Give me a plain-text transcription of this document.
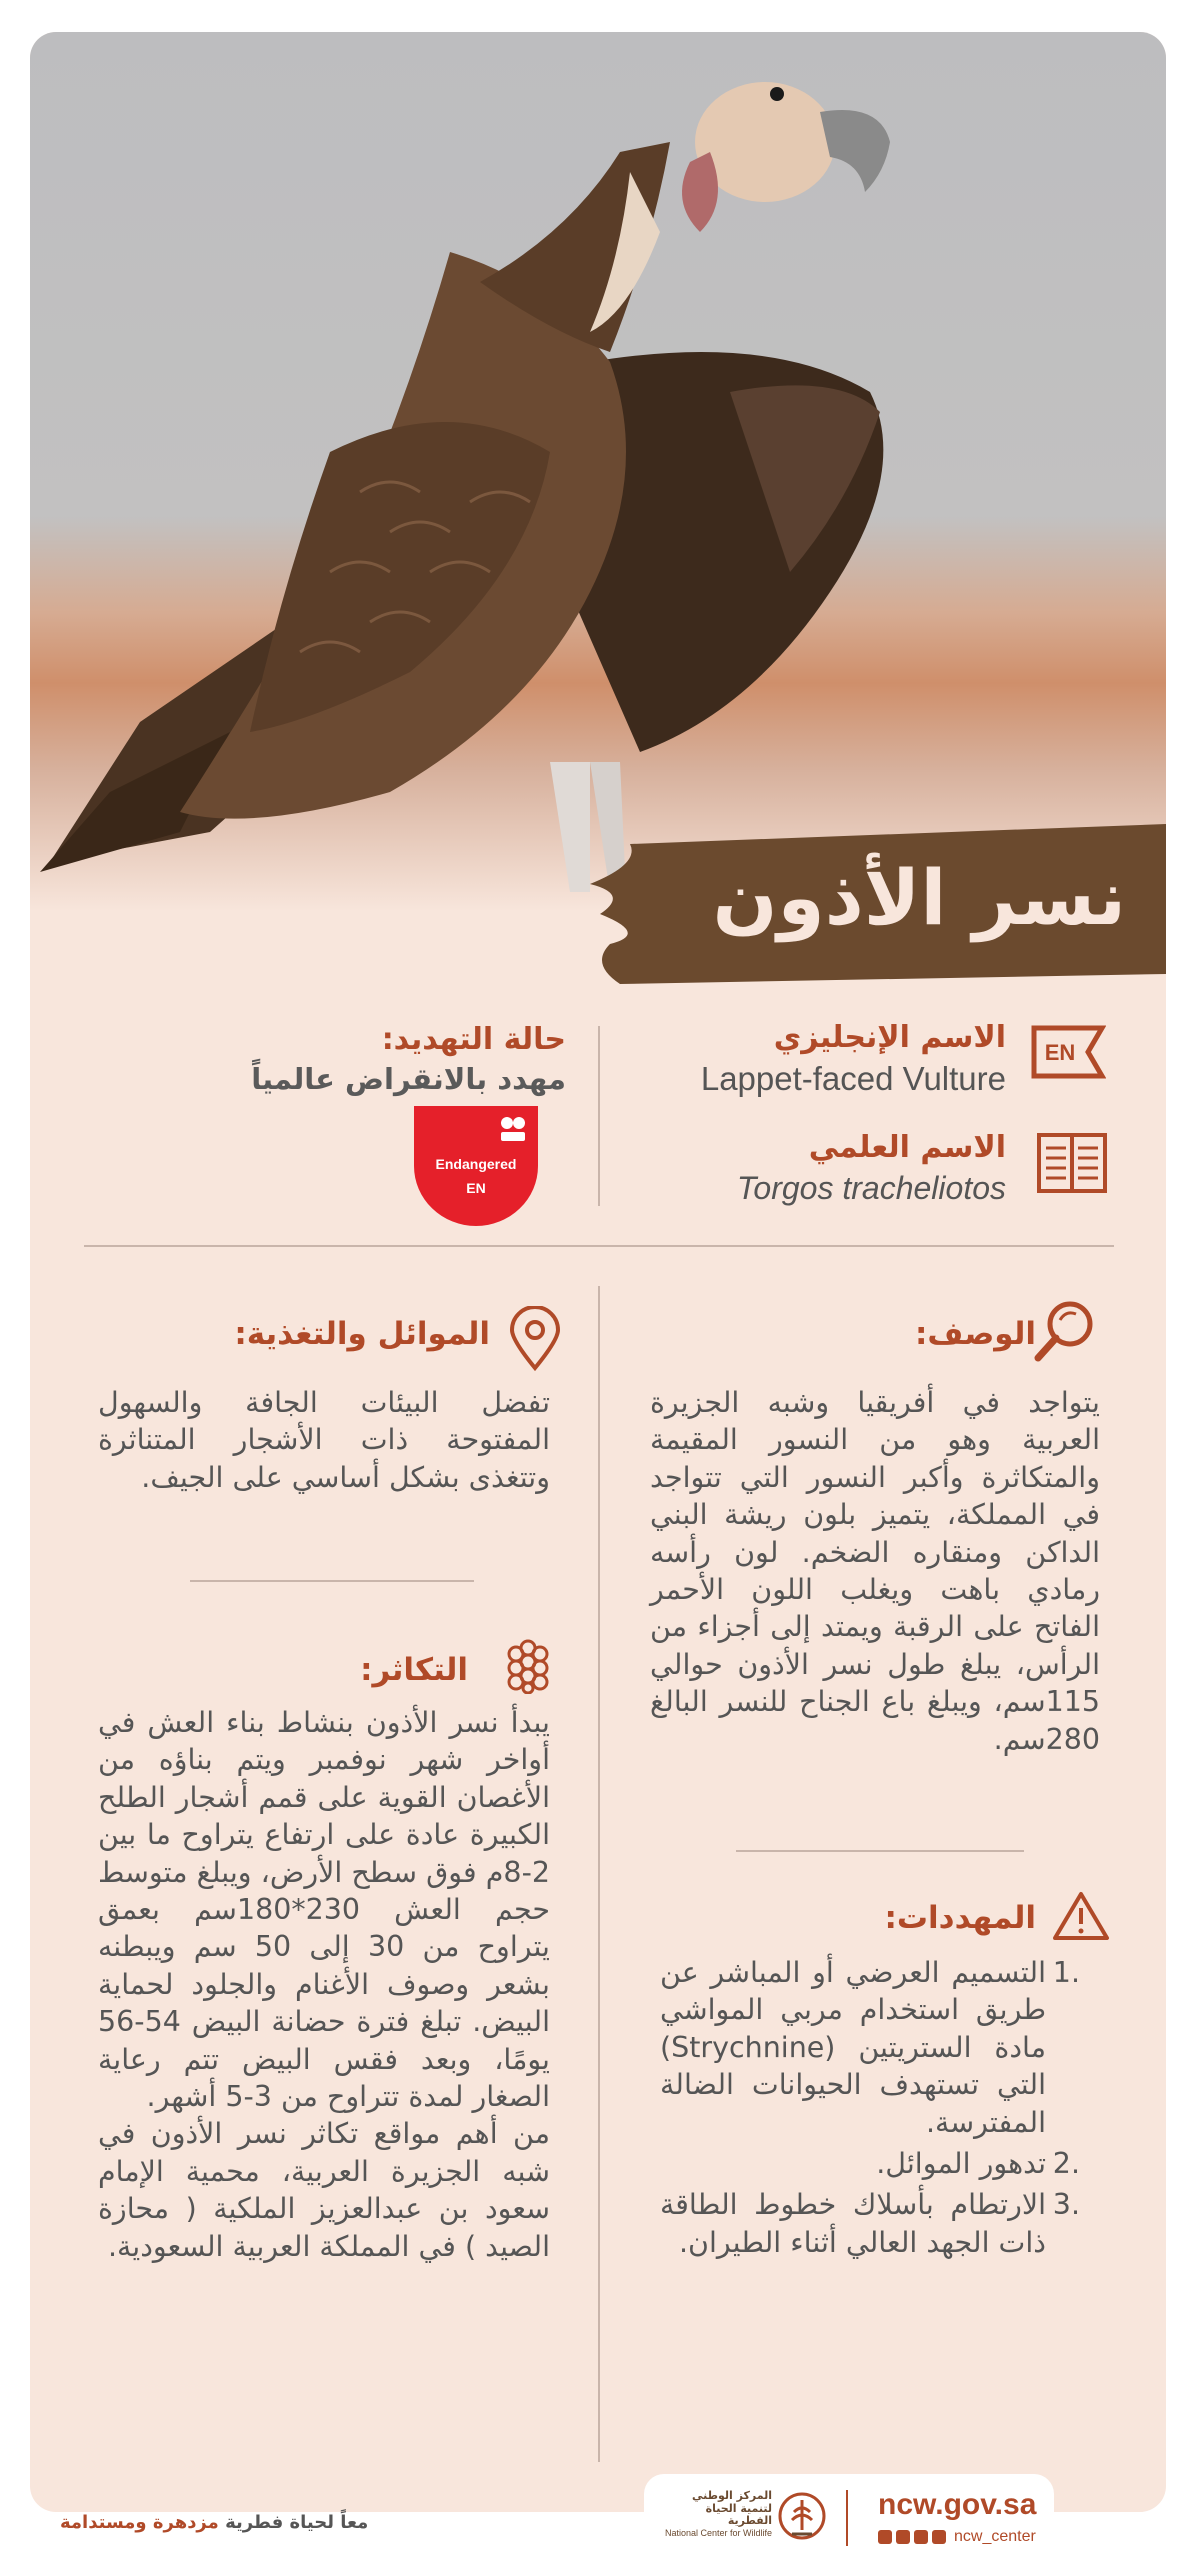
نسر الأذون
EN
الاسم الإنجليزي
Lappet-faced Vulture
الاسم العلمي
Torgos tracheliotos
حالة التهديد:
مهدد بالانقراض عالمياً
Endangered
EN
الوصف:
يتواجد في أفريقيا وشبه الجزيرة العربية وهو من النسور المقيمة والمتكاثرة وأكبر النسور التي تتواجد في المملكة، يتميز بلون ريشة البني الداكن ومنقاره الضخم. لون رأسه رمادي باهت ويغلب اللون الأحمر الفاتح على الرقبة ويمتد إلى أجزاء من الرأس، يبلغ طول نسر الأذون حوالي 115سم، ويبلغ باع الجناح للنسر البالغ 280سم.
المهددات:
.1
التسميم العرضي أو المباشر عن طريق استخدام مربي المواشي مادة الستريتين (Strychnine) التي تستهدف الحيوانات الضالة المفترسة.
.2
تدهور الموائل.
.3
الارتطام بأسلاك خطوط الطاقة ذات الجهد العالي أثناء الطيران.
الموائل والتغذية:
تفضل البيئات الجافة والسهول المفتوحة ذات الأشجار المتناثرة وتتغذى بشكل أساسي على الجيف.
التكاثر:
يبدأ نسر الأذون بنشاط بناء العش في أواخر شهر نوفمبر ويتم بناؤه من الأغصان القوية على قمم أشجار الطلح الكبيرة عادة على ارتفاع يتراوح ما بين 2-8م فوق سطح الأرض، ويبلغ متوسط حجم العش 230*180سم بعمق يتراوح من 30 إلى 50 سم ويبطنه بشعر وصوف الأغنام والجلود لحماية البيض. تبلغ فترة حضانة البيض 54-56 يومًا، وبعد فقس البيض تتم رعاية الصغار لمدة تتراوح من 3-5 أشهر.
من أهم مواقع تكاثر نسر الأذون في شبه الجزيرة العربية، محمية الإمام سعود بن عبدالعزيز الملكية ( محازة الصيد ) في المملكة العربية السعودية.
معاً لحياة فطرية مزدهرة ومستدامة
المركز الوطني
لتنمية الحياة الفطرية
National Center for Wildlife
ncw.gov.sa
ncw_center
